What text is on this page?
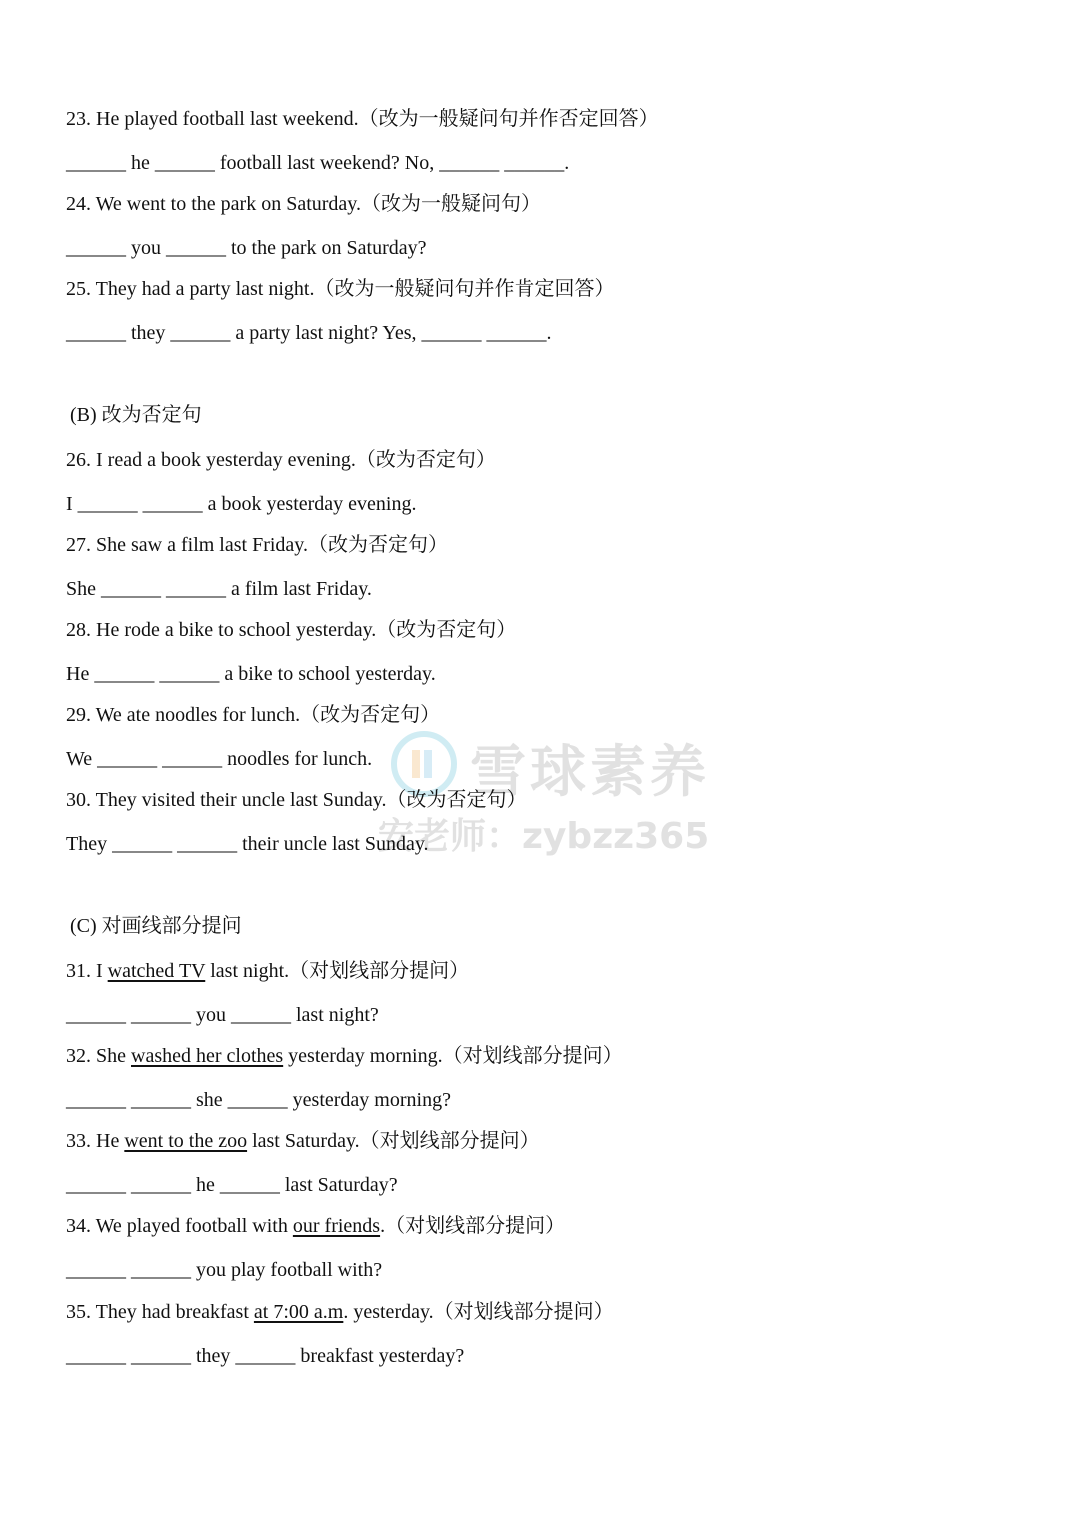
雪球素养
安老师：zybzz365
23. He played football last weekend.（改为一般疑问句并作否定回答）
______ he ______ football last weekend? No, ______ ______.
24. We went to the park on Saturday.（改为一般疑问句）
______ you ______ to the park on Saturday?
25. They had a party last night.（改为一般疑问句并作肯定回答）
______ they ______ a party last night? Yes, ______ ______.
(B) 改为否定句
26. I read a book yesterday evening.（改为否定句）
I ______ ______ a book yesterday evening.
27. She saw a film last Friday.（改为否定句）
She ______ ______ a film last Friday.
28. He rode a bike to school yesterday.（改为否定句）
He ______ ______ a bike to school yesterday.
29. We ate noodles for lunch.（改为否定句）
We ______ ______ noodles for lunch.
30. They visited their uncle last Sunday.（改为否定句）
They ______ ______ their uncle last Sunday.
(C) 对画线部分提问
31. I watched TV last night.（对划线部分提问）
______ ______ you ______ last night?
32. She washed her clothes yesterday morning.（对划线部分提问）
______ ______ she ______ yesterday morning?
33. He went to the zoo last Saturday.（对划线部分提问）
______ ______ he ______ last Saturday?
34. We played football with our friends.（对划线部分提问）
______ ______ you play football with?
35. They had breakfast at 7:00 a.m. yesterday.（对划线部分提问）
______ ______ they ______ breakfast yesterday?
